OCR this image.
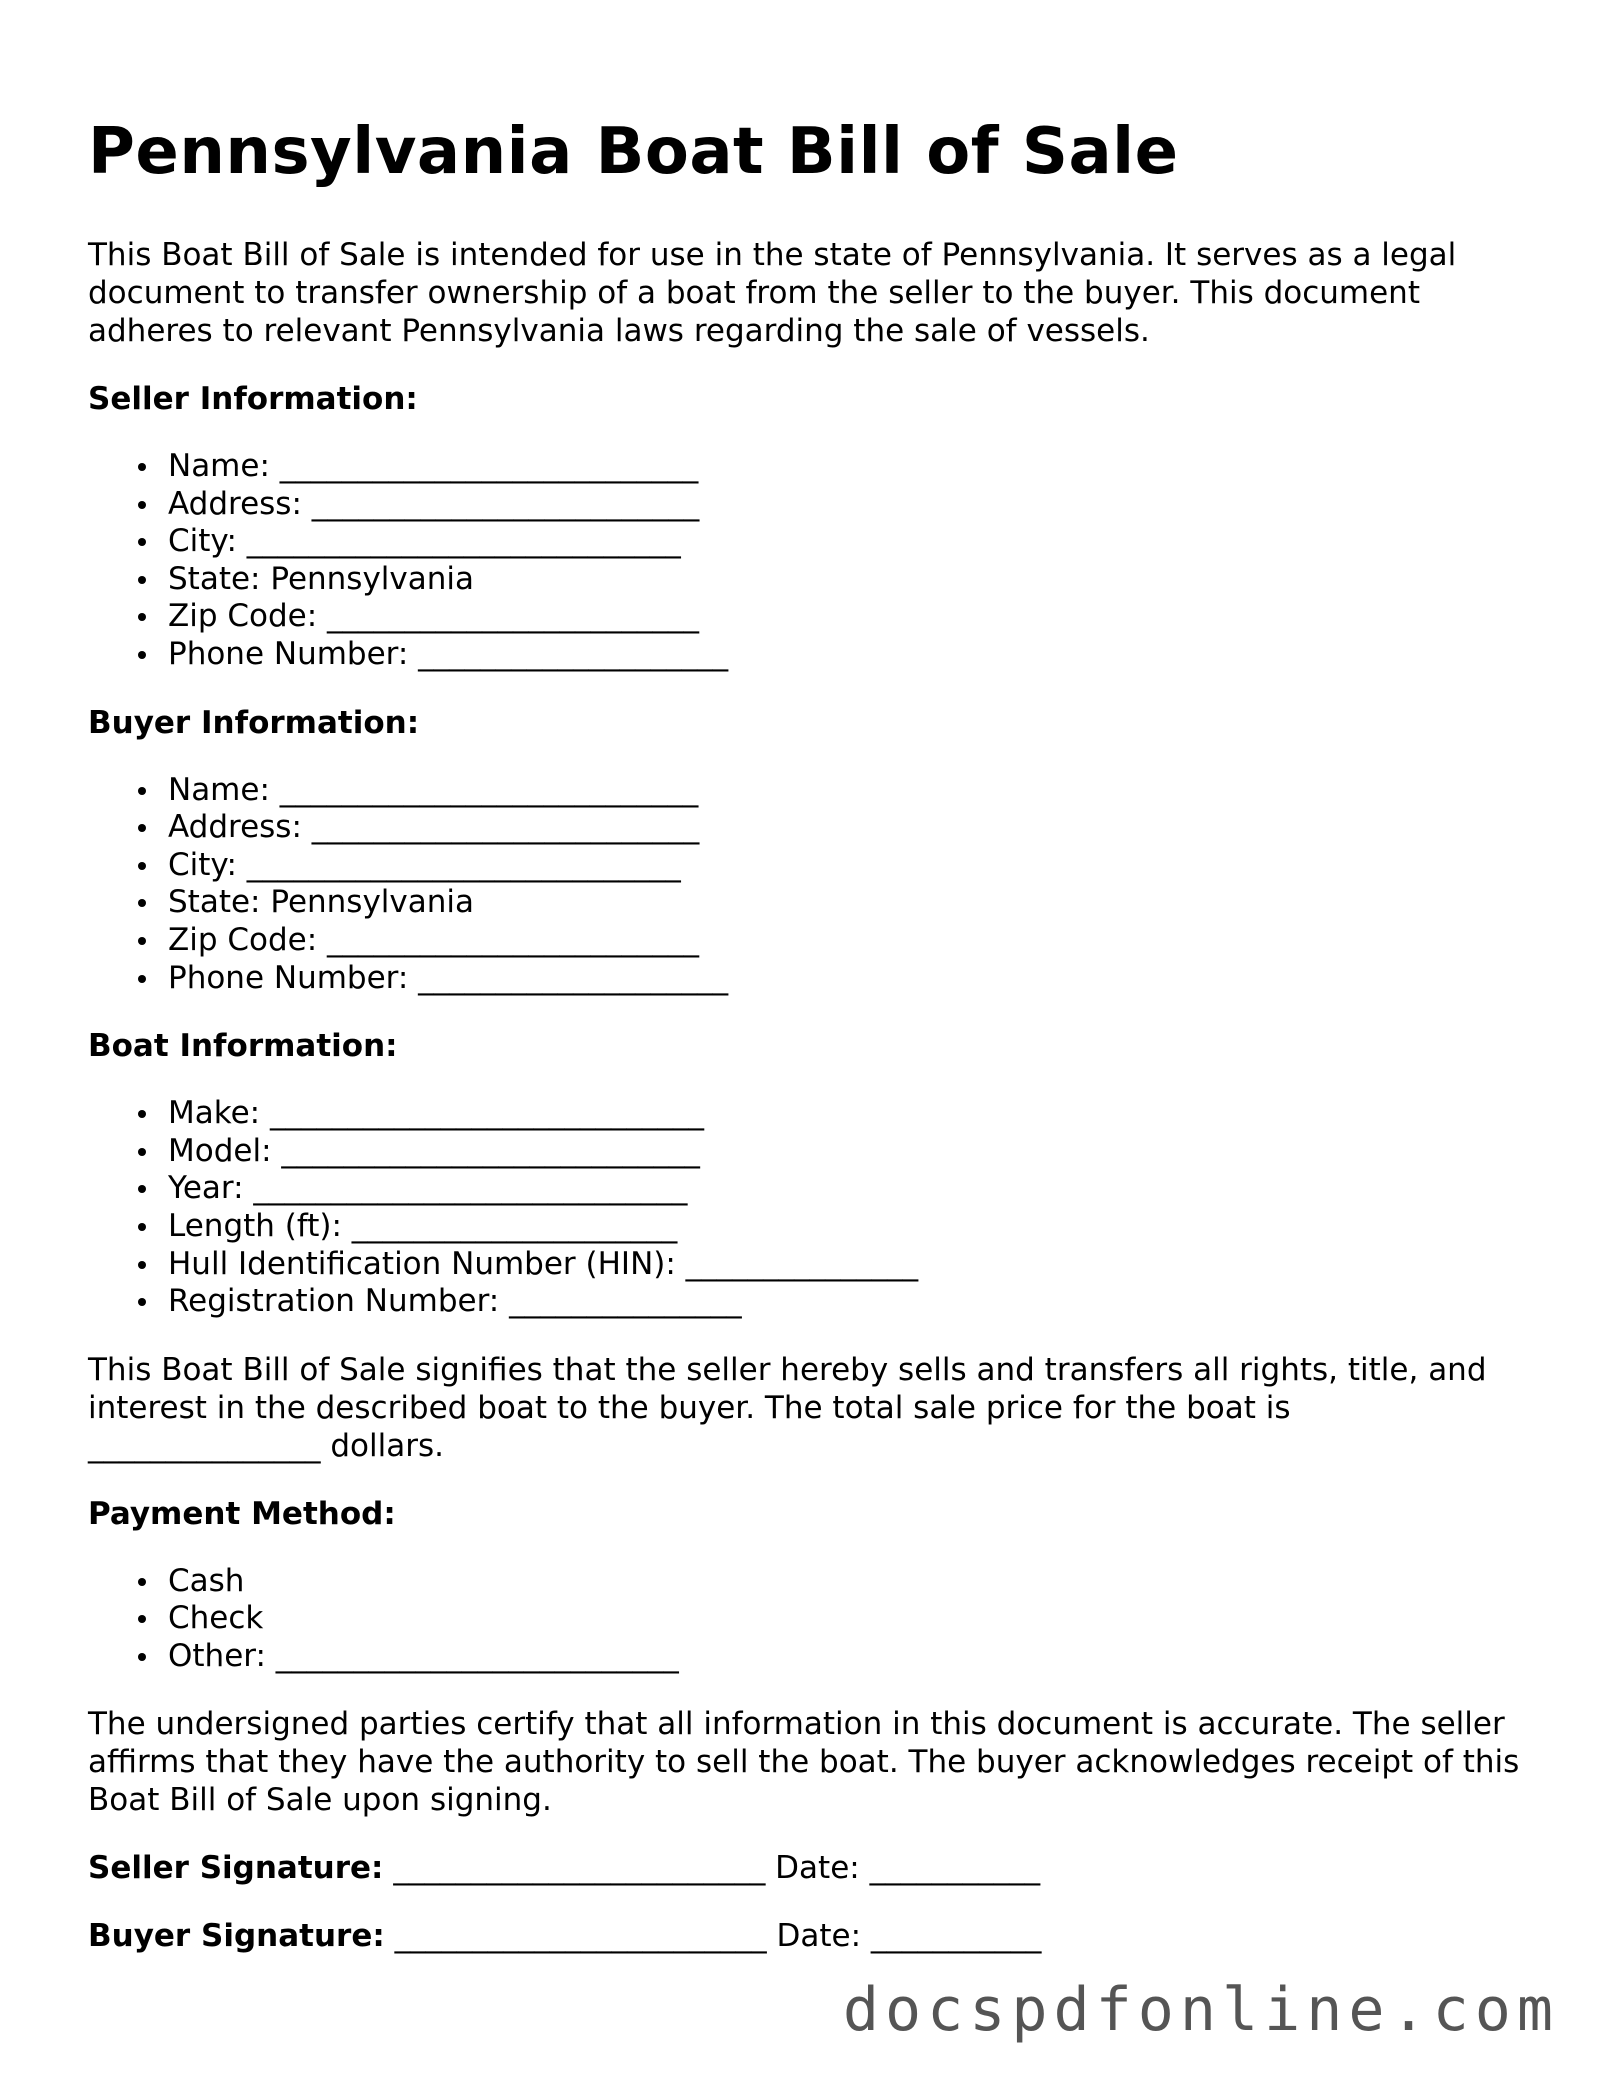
Pennsylvania Boat Bill of Sale

This Boat Bill of Sale is intended for use in the state of Pennsylvania. It serves as a legal document to transfer ownership of a boat from the seller to the buyer. This document adheres to relevant Pennsylvania laws regarding the sale of vessels.

Seller Information:
Name: ___________________________
Address: _________________________
City: ____________________________
State: Pennsylvania
Zip Code: ________________________
Phone Number: ____________________
Buyer Information:
Name: ___________________________
Address: _________________________
City: ____________________________
State: Pennsylvania
Zip Code: ________________________
Phone Number: ____________________
Boat Information:
Make: ____________________________
Model: ___________________________
Year: ____________________________
Length (ft): _____________________
Hull Identification Number (HIN): _______________
Registration Number: _______________

This Boat Bill of Sale signifies that the seller hereby sells and transfers all rights, title, and interest in the described boat to the buyer. The total sale price for the boat is _______________ dollars.

Payment Method:
Cash
Check
Other: __________________________

The undersigned parties certify that all information in this document is accurate. The seller affirms that they have the authority to sell the boat. The buyer acknowledges receipt of this Boat Bill of Sale upon signing.

Seller Signature: ________________________ Date: ___________
Buyer Signature: ________________________ Date: ___________
docspdfonline.com
